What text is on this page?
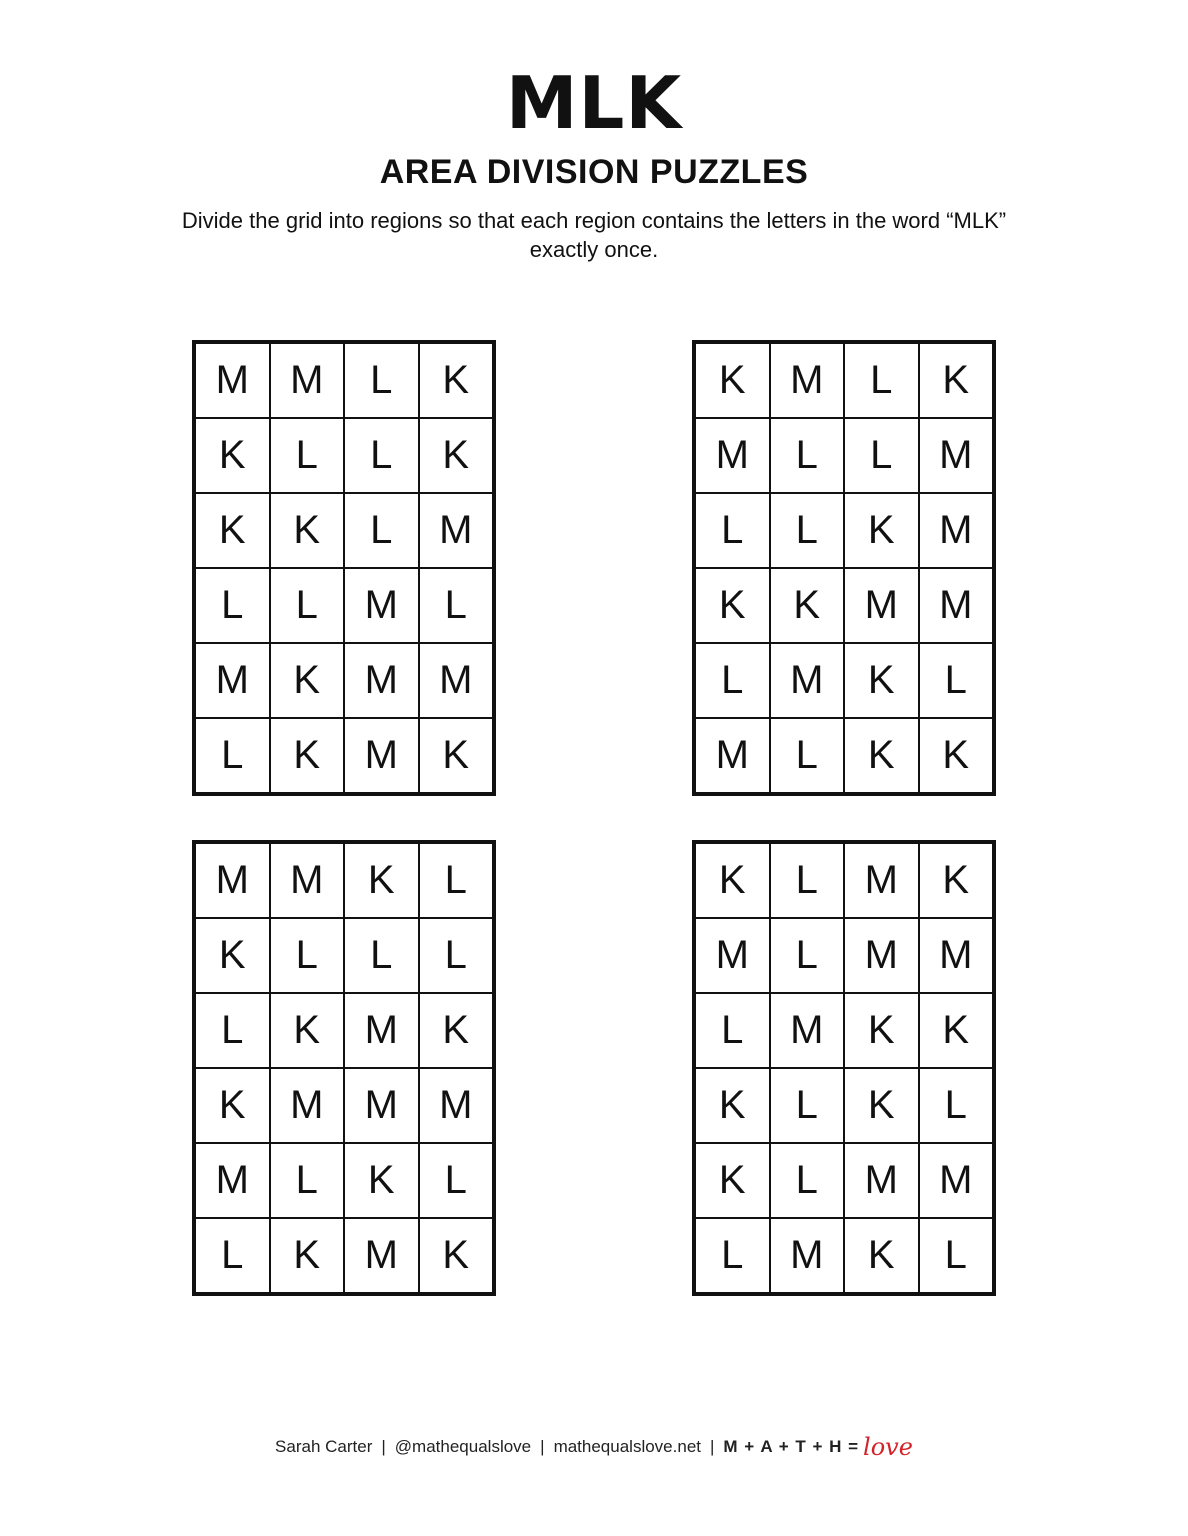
MLK
AREA DIVISION PUZZLES

Divide the grid into regions so that each region contains the letters in the word “MLK” exactly once.

M	M	L	K
K	L	L	K
K	K	L	M
L	L	M	L
M	K	M	M
L	K	M	K
K	M	L	K
M	L	L	M
L	L	K	M
K	K	M	M
L	M	K	L
M	L	K	K
M	M	K	L
K	L	L	L
L	K	M	K
K	M	M	M
M	L	K	L
L	K	M	K
K	L	M	K
M	L	M	M
L	M	K	K
K	L	K	L
K	L	M	M
L	M	K	L
Sarah Carter | @mathequalslove | mathequalslove.net | M + A + T + H = love
